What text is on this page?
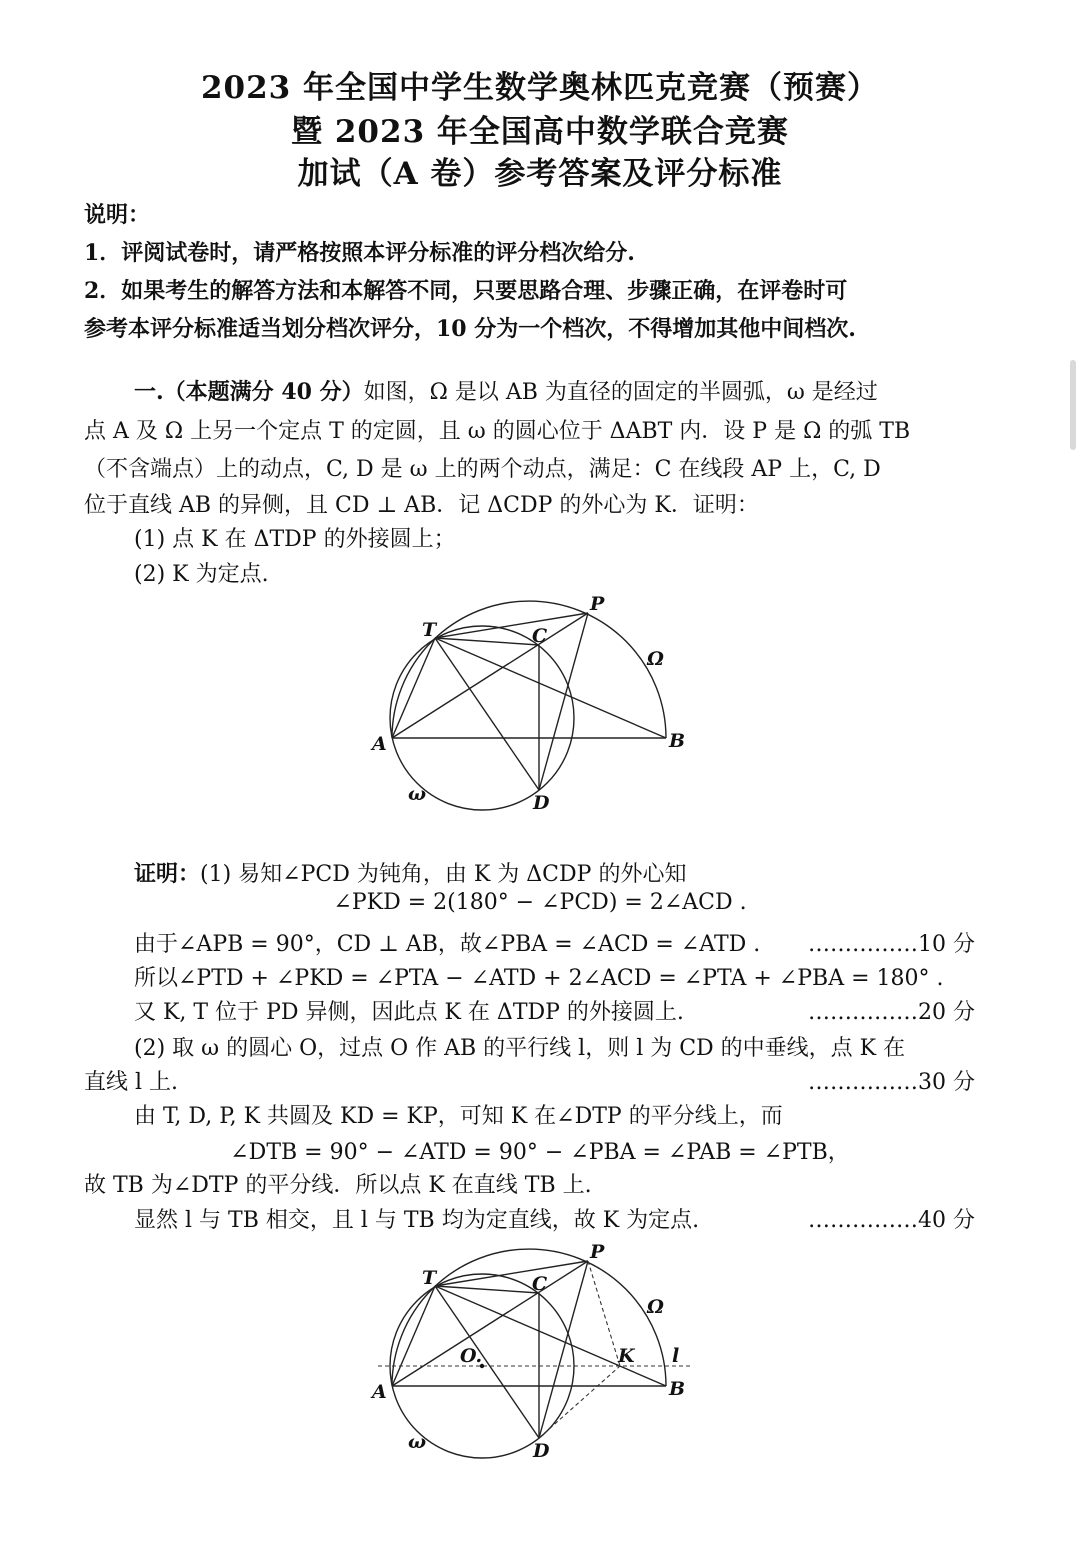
2023 年全国中学生数学奥林匹克竞赛（预赛）
暨 2023 年全国高中数学联合竞赛
加试（A 卷）参考答案及评分标准
说明：
1．评阅试卷时，请严格按照本评分标准的评分档次给分.
2．如果考生的解答方法和本解答不同，只要思路合理、步骤正确，在评卷时可
参考本评分标准适当划分档次评分，10 分为一个档次，不得增加其他中间档次.
一.（本题满分 40 分）如图，Ω 是以 AB 为直径的固定的半圆弧，ω 是经过
点 A 及 Ω 上另一个定点 T 的定圆，且 ω 的圆心位于 ΔABT 内．设 P 是 Ω 的弧 TB
（不含端点）上的动点，C, D 是 ω 上的两个动点，满足：C 在线段 AP 上，C, D
位于直线 AB 的异侧，且 CD ⊥ AB．记 ΔCDP 的外心为 K．证明：
(1) 点 K 在 ΔTDP 的外接圆上；
(2) K 为定点.
T	C
P
Ω
A	B
D
ω
证明：(1) 易知∠PCD 为钝角，由 K 为 ΔCDP 的外心知
∠PKD = 2(180° − ∠PCD) = 2∠ACD .
由于∠APB = 90°，CD ⊥ AB，故∠PBA = ∠ACD = ∠ATD . ……………10 分
所以∠PTD + ∠PKD = ∠PTA − ∠ATD + 2∠ACD = ∠PTA + ∠PBA = 180° .
又 K, T 位于 PD 异侧，因此点 K 在 ΔTDP 的外接圆上.	……………20 分
(2) 取 ω 的圆心 O，过点 O 作 AB 的平行线 l，则 l 为 CD 的中垂线，点 K 在
直线 l 上.	……………30 分
由 T, D, P, K 共圆及 KD = KP，可知 K 在∠DTP 的平分线上，而
∠DTB = 90° − ∠ATD = 90° − ∠PBA = ∠PAB = ∠PTB，
故 TB 为∠DTP 的平分线．所以点 K 在直线 TB 上.
显然 l 与 TB 相交，且 l 与 TB 均为定直线，故 K 为定点.	……………40 分
T	C
P
Ω
A	B
D
ω
O.	K l
